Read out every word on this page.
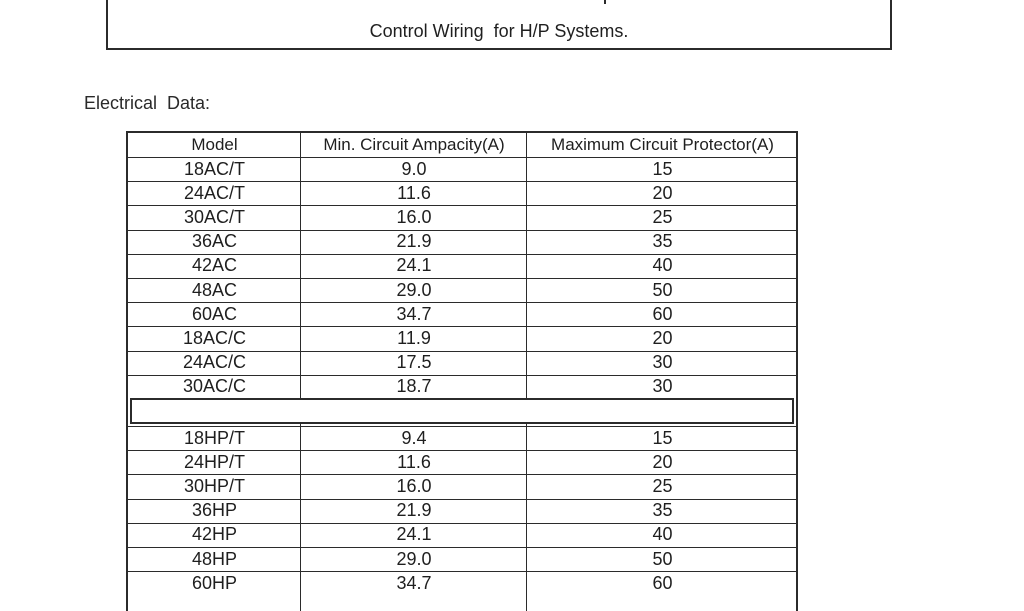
Control Wiring  for H/P Systems.
Electrical  Data:
Model	Min. Circuit Ampacity(A)	Maximum Circuit Protector(A)
18AC/T	9.0	15
24AC/T	11.6	20
30AC/T	16.0	25
36AC	21.9	35
42AC	24.1	40
48AC	29.0	50
60AC	34.7	60
18AC/C	11.9	20
24AC/C	17.5	30
30AC/C	18.7	30
18HP/T	9.4	15
24HP/T	11.6	20
30HP/T	16.0	25
36HP	21.9	35
42HP	24.1	40
48HP	29.0	50
60HP	34.7	60
